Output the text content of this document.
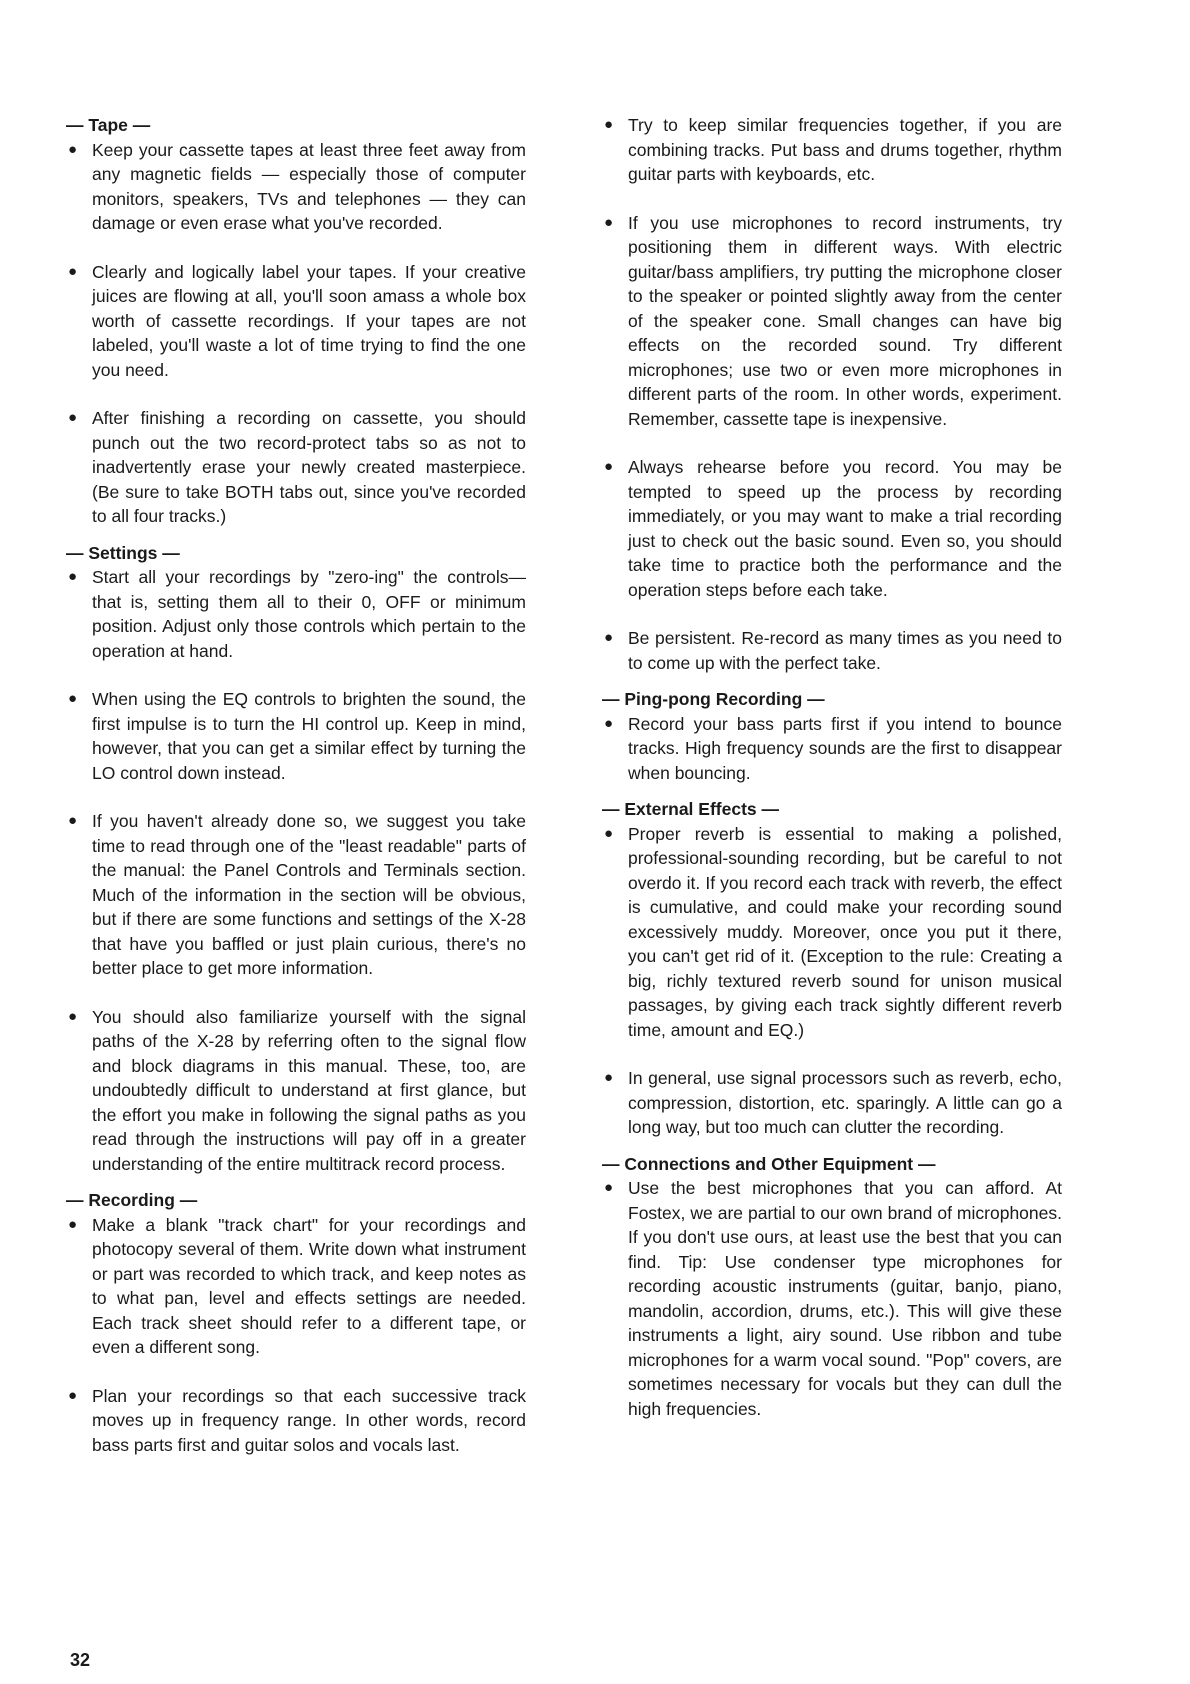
— Tape —
● Keep your cassette tapes at least three feet away from any magnetic fields — especially those of computer monitors, speakers, TVs and telephones — they can damage or even erase what you've recorded.
● Clearly and logically label your tapes. If your creative juices are flowing at all, you'll soon amass a whole box worth of cassette recordings. If your tapes are not labeled, you'll waste a lot of time trying to find the one you need.
● After finishing a recording on cassette, you should punch out the two record-protect tabs so as not to inadvertently erase your newly created masterpiece. (Be sure to take BOTH tabs out, since you've recorded to all four tracks.)
— Settings —
● Start all your recordings by "zero-ing" the controls— that is, setting them all to their 0, OFF or minimum position. Adjust only those controls which pertain to the operation at hand.
● When using the EQ controls to brighten the sound, the first impulse is to turn the HI control up. Keep in mind, however, that you can get a similar effect by turning the LO control down instead.
● If you haven't already done so, we suggest you take time to read through one of the "least readable" parts of the manual: the Panel Controls and Terminals section. Much of the information in the section will be obvious, but if there are some functions and settings of the X-28 that have you baffled or just plain curious, there's no better place to get more information.
● You should also familiarize yourself with the signal paths of the X-28 by referring often to the signal flow and block diagrams in this manual. These, too, are undoubtedly difficult to understand at first glance, but the effort you make in following the signal paths as you read through the instructions will pay off in a greater understanding of the entire multitrack record process.
— Recording —
● Make a blank "track chart" for your recordings and photocopy several of them. Write down what instrument or part was recorded to which track, and keep notes as to what pan, level and effects settings are needed. Each track sheet should refer to a different tape, or even a different song.
● Plan your recordings so that each successive track moves up in frequency range. In other words, record bass parts first and guitar solos and vocals last.
● Try to keep similar frequencies together, if you are combining tracks. Put bass and drums together, rhythm guitar parts with keyboards, etc.
● If you use microphones to record instruments, try positioning them in different ways. With electric guitar/bass amplifiers, try putting the microphone closer to the speaker or pointed slightly away from the center of the speaker cone. Small changes can have big effects on the recorded sound. Try different microphones; use two or even more microphones in different parts of the room. In other words, experiment. Remember, cassette tape is inexpensive.
● Always rehearse before you record. You may be tempted to speed up the process by recording immediately, or you may want to make a trial recording just to check out the basic sound. Even so, you should take time to practice both the performance and the operation steps before each take.
● Be persistent. Re-record as many times as you need to to come up with the perfect take.
— Ping-pong Recording —
● Record your bass parts first if you intend to bounce tracks. High frequency sounds are the first to disappear when bouncing.
— External Effects —
● Proper reverb is essential to making a polished, professional-sounding recording, but be careful to not overdo it. If you record each track with reverb, the effect is cumulative, and could make your recording sound excessively muddy. Moreover, once you put it there, you can't get rid of it. (Exception to the rule: Creating a big, richly textured reverb sound for unison musical passages, by giving each track sightly different reverb time, amount and EQ.)
● In general, use signal processors such as reverb, echo, compression, distortion, etc. sparingly. A little can go a long way, but too much can clutter the recording.
— Connections and Other Equipment —
● Use the best microphones that you can afford. At Fostex, we are partial to our own brand of microphones. If you don't use ours, at least use the best that you can find. Tip: Use condenser type microphones for recording acoustic instruments (guitar, banjo, piano, mandolin, accordion, drums, etc.). This will give these instruments a light, airy sound. Use ribbon and tube microphones for a warm vocal sound. "Pop" covers, are sometimes necessary for vocals but they can dull the high frequencies.
32
